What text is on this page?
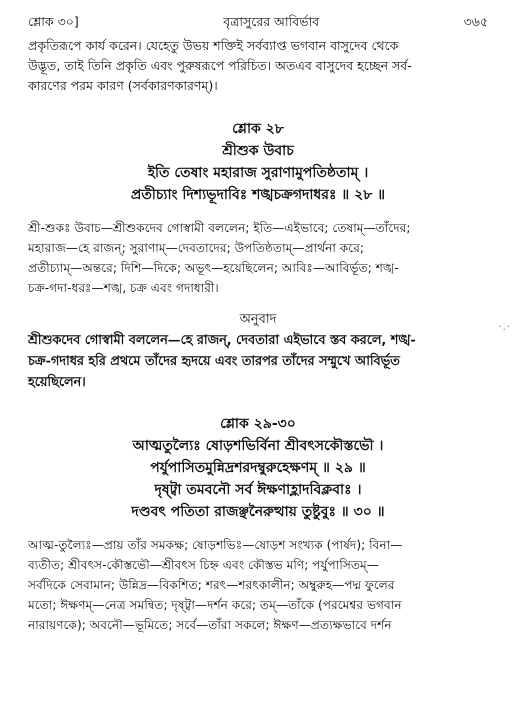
শ্লোক ৩০]	বৃত্রাসুরের আবির্ভাব	৩৬৫

প্রকৃতিরূপে কার্য করেন। যেহেতু উভয় শক্তিই সর্বব্যাপ্ত ভগবান বাসুদেব থেকে

উদ্ভূত, তাই তিনি প্রকৃতি এবং পুরুষরূপে পরিচিত। অতএব বাসুদেব হচ্ছেন সর্ব-

কারণের পরম কারণ (সর্বকারণকারণম্)।

শ্লোক ২৮
শ্রীশুক উবাচ
ইতি তেষাং মহারাজ সুরাণামুপতিষ্ঠতাম্ ।
প্রতীচ্যাং দিশ্যভূদাবিঃ শঙ্খচক্রগদাধরঃ ॥ ২৮ ॥

শ্রী-শুকঃ উবাচ—শ্রীশুকদেব গোস্বামী বললেন; ইতি—এইভাবে; তেষাম্—তাঁদের;

মহারাজ—হে রাজন্; সুরাণাম্—দেবতাদের; উপতিষ্ঠতাম্—প্রার্থনা করে;

প্রতীচ্যাম্—অন্তরে; দিশি—দিকে; অভূৎ—হয়েছিলেন; আবিঃ—আবির্ভূত; শঙ্খ-

চক্র-গদা-ধরঃ—শঙ্খ, চক্র এবং গদাধারী।

অনুবাদ

শ্রীশুকদেব গোস্বামী বললেন—হে রাজন্, দেবতারা এইভাবে স্তব করলে, শঙ্খ-

চক্র-গদাধর হরি প্রথমে তাঁদের হৃদয়ে এবং তারপর তাঁদের সম্মুখে আবির্ভূত

হয়েছিলেন।

শ্লোক ২৯-৩০
আত্মতুল্যৈঃ ষোড়শভির্বিনা শ্রীবৎসকৌস্তভৌ ।
পর্যুপাসিতমুন্নিদ্রশরদম্বুরুহেক্ষণম্ ॥ ২৯ ॥
দৃষ্ট্বা তমবনৌ সর্ব ঈক্ষণাহ্লাদবিক্লবাঃ ।
দণ্ডবৎ পতিতা রাজঞ্ছনৈরুত্থায় তুষ্টুবুঃ ॥ ৩০ ॥

আত্ম-তুল্যৈঃ—প্রায় তাঁর সমকক্ষ; ষোড়শভিঃ—ষোড়শ সংখ্যক (পার্ষদ); বিনা—

ব্যতীত; শ্রীবৎস-কৌস্তভৌ—শ্রীবৎস চিহ্ন এবং কৌস্তভ মণি; পর্যুপাসিতম্—

সর্বদিকে সেবামান; উন্নিদ্র—বিকশিত; শরৎ—শরৎকালীন; অম্বুরুহ—পদ্ম ফুলের

মতো; ঈক্ষণম্—নেত্র সমন্বিত; দৃষ্ট্বা—দর্শন করে; তম্—তাঁকে (পরমেশ্বর ভগবান

নারায়ণকে); অবনৌ—ভূমিতে; সর্বে—তাঁরা সকলে; ঈক্ষণ—প্রত্যক্ষভাবে দর্শন

·.·
